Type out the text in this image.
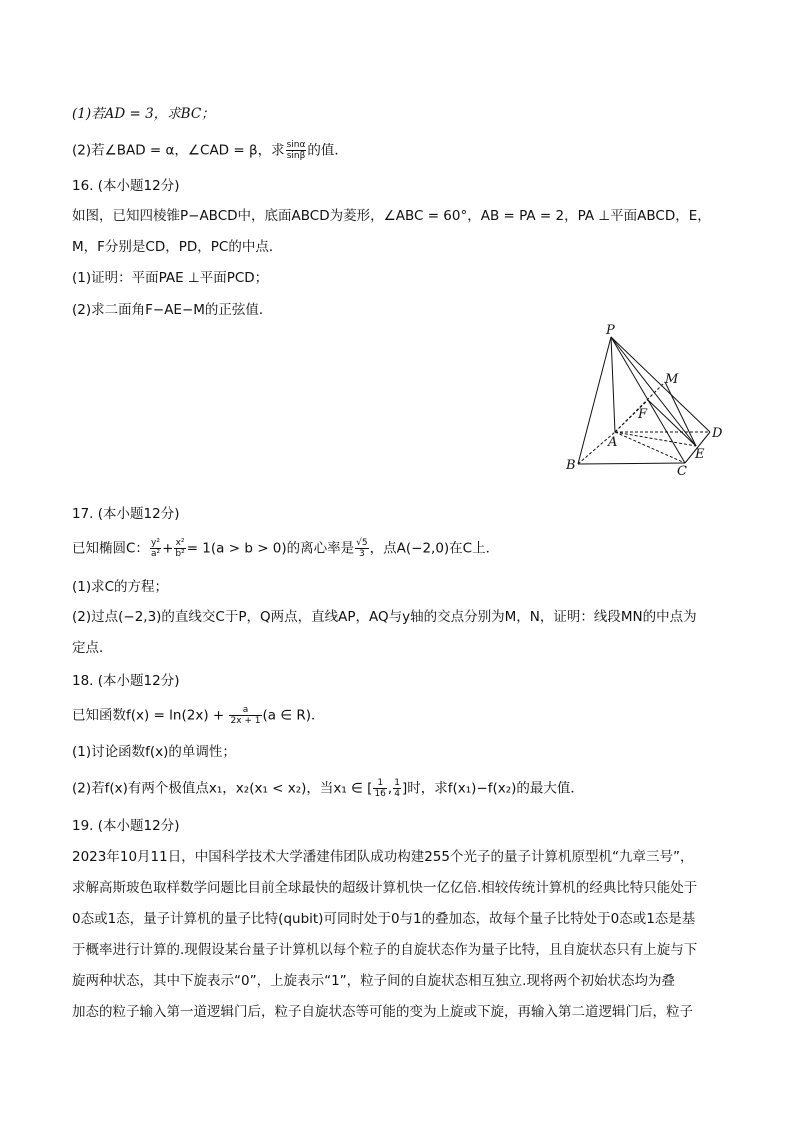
(1)若AD = 3，求BC；
(2)若∠BAD = α，∠CAD = β，求 $\frac{\sin\alpha}{\sin\beta}$ 的值．
16. (本小题12分)
如图，已知四棱锥P−ABCD中，底面ABCD为菱形，∠ABC = 60°，AB = PA = 2，PA ⊥平面ABCD，E，
M，F分别是CD，PD，PC的中点．
(1)证明：平面PAE ⊥平面PCD；
(2)求二面角F−AE−M的正弦值．
P
M
F
A
D
E
B	C
17. (本小题12分)
已知椭圆C： $\frac{\text{y²}}{\text{a²}} + \frac{\text{x²}}{\text{b²}} = 1(a > b > 0)$的离心率是 $\frac{√5}{3}$ ，点A(−2,0)在C上．
(1)求C的方程；
(2)过点(−2,3)的直线交C于P，Q两点，直线AP，AQ与y轴的交点分别为M，N，证明：线段MN的中点为
定点．
18. (本小题12分)
已知函数$f(x) = \ln(2x) + \frac{a}{2x + 1} (a$ ∈ R)．
(1)讨论函数f(x)的单调性；
(2)若f(x)有两个极值点x₁，x₂(x₁ < x₂)，当x₁ ∈ [ $\frac{1}{16}$ , $\frac{1}{4}$ ]时，求f(x₁)−f(x₂)的最大值．
19. (本小题12分)
2023年10月11日，中国科学技术大学潘建伟团队成功构建255个光子的量子计算机原型机“九章三号”，
求解高斯玻色取样数学问题比目前全球最快的超级计算机快一亿亿倍.相较传统计算机的经典比特只能处于
0态或1态，量子计算机的量子比特(qubit)可同时处于0与1的叠加态，故每个量子比特处于0态或1态是基
于概率进行计算的.现假设某台量子计算机以每个粒子的自旋状态作为量子比特，且自旋状态只有上旋与下
旋两种状态，其中下旋表示“0”，上旋表示“1”，粒子间的自旋状态相互独立.现将两个初始状态均为叠
加态的粒子输入第一道逻辑门后，粒子自旋状态等可能的变为上旋或下旋，再输入第二道逻辑门后，粒子
